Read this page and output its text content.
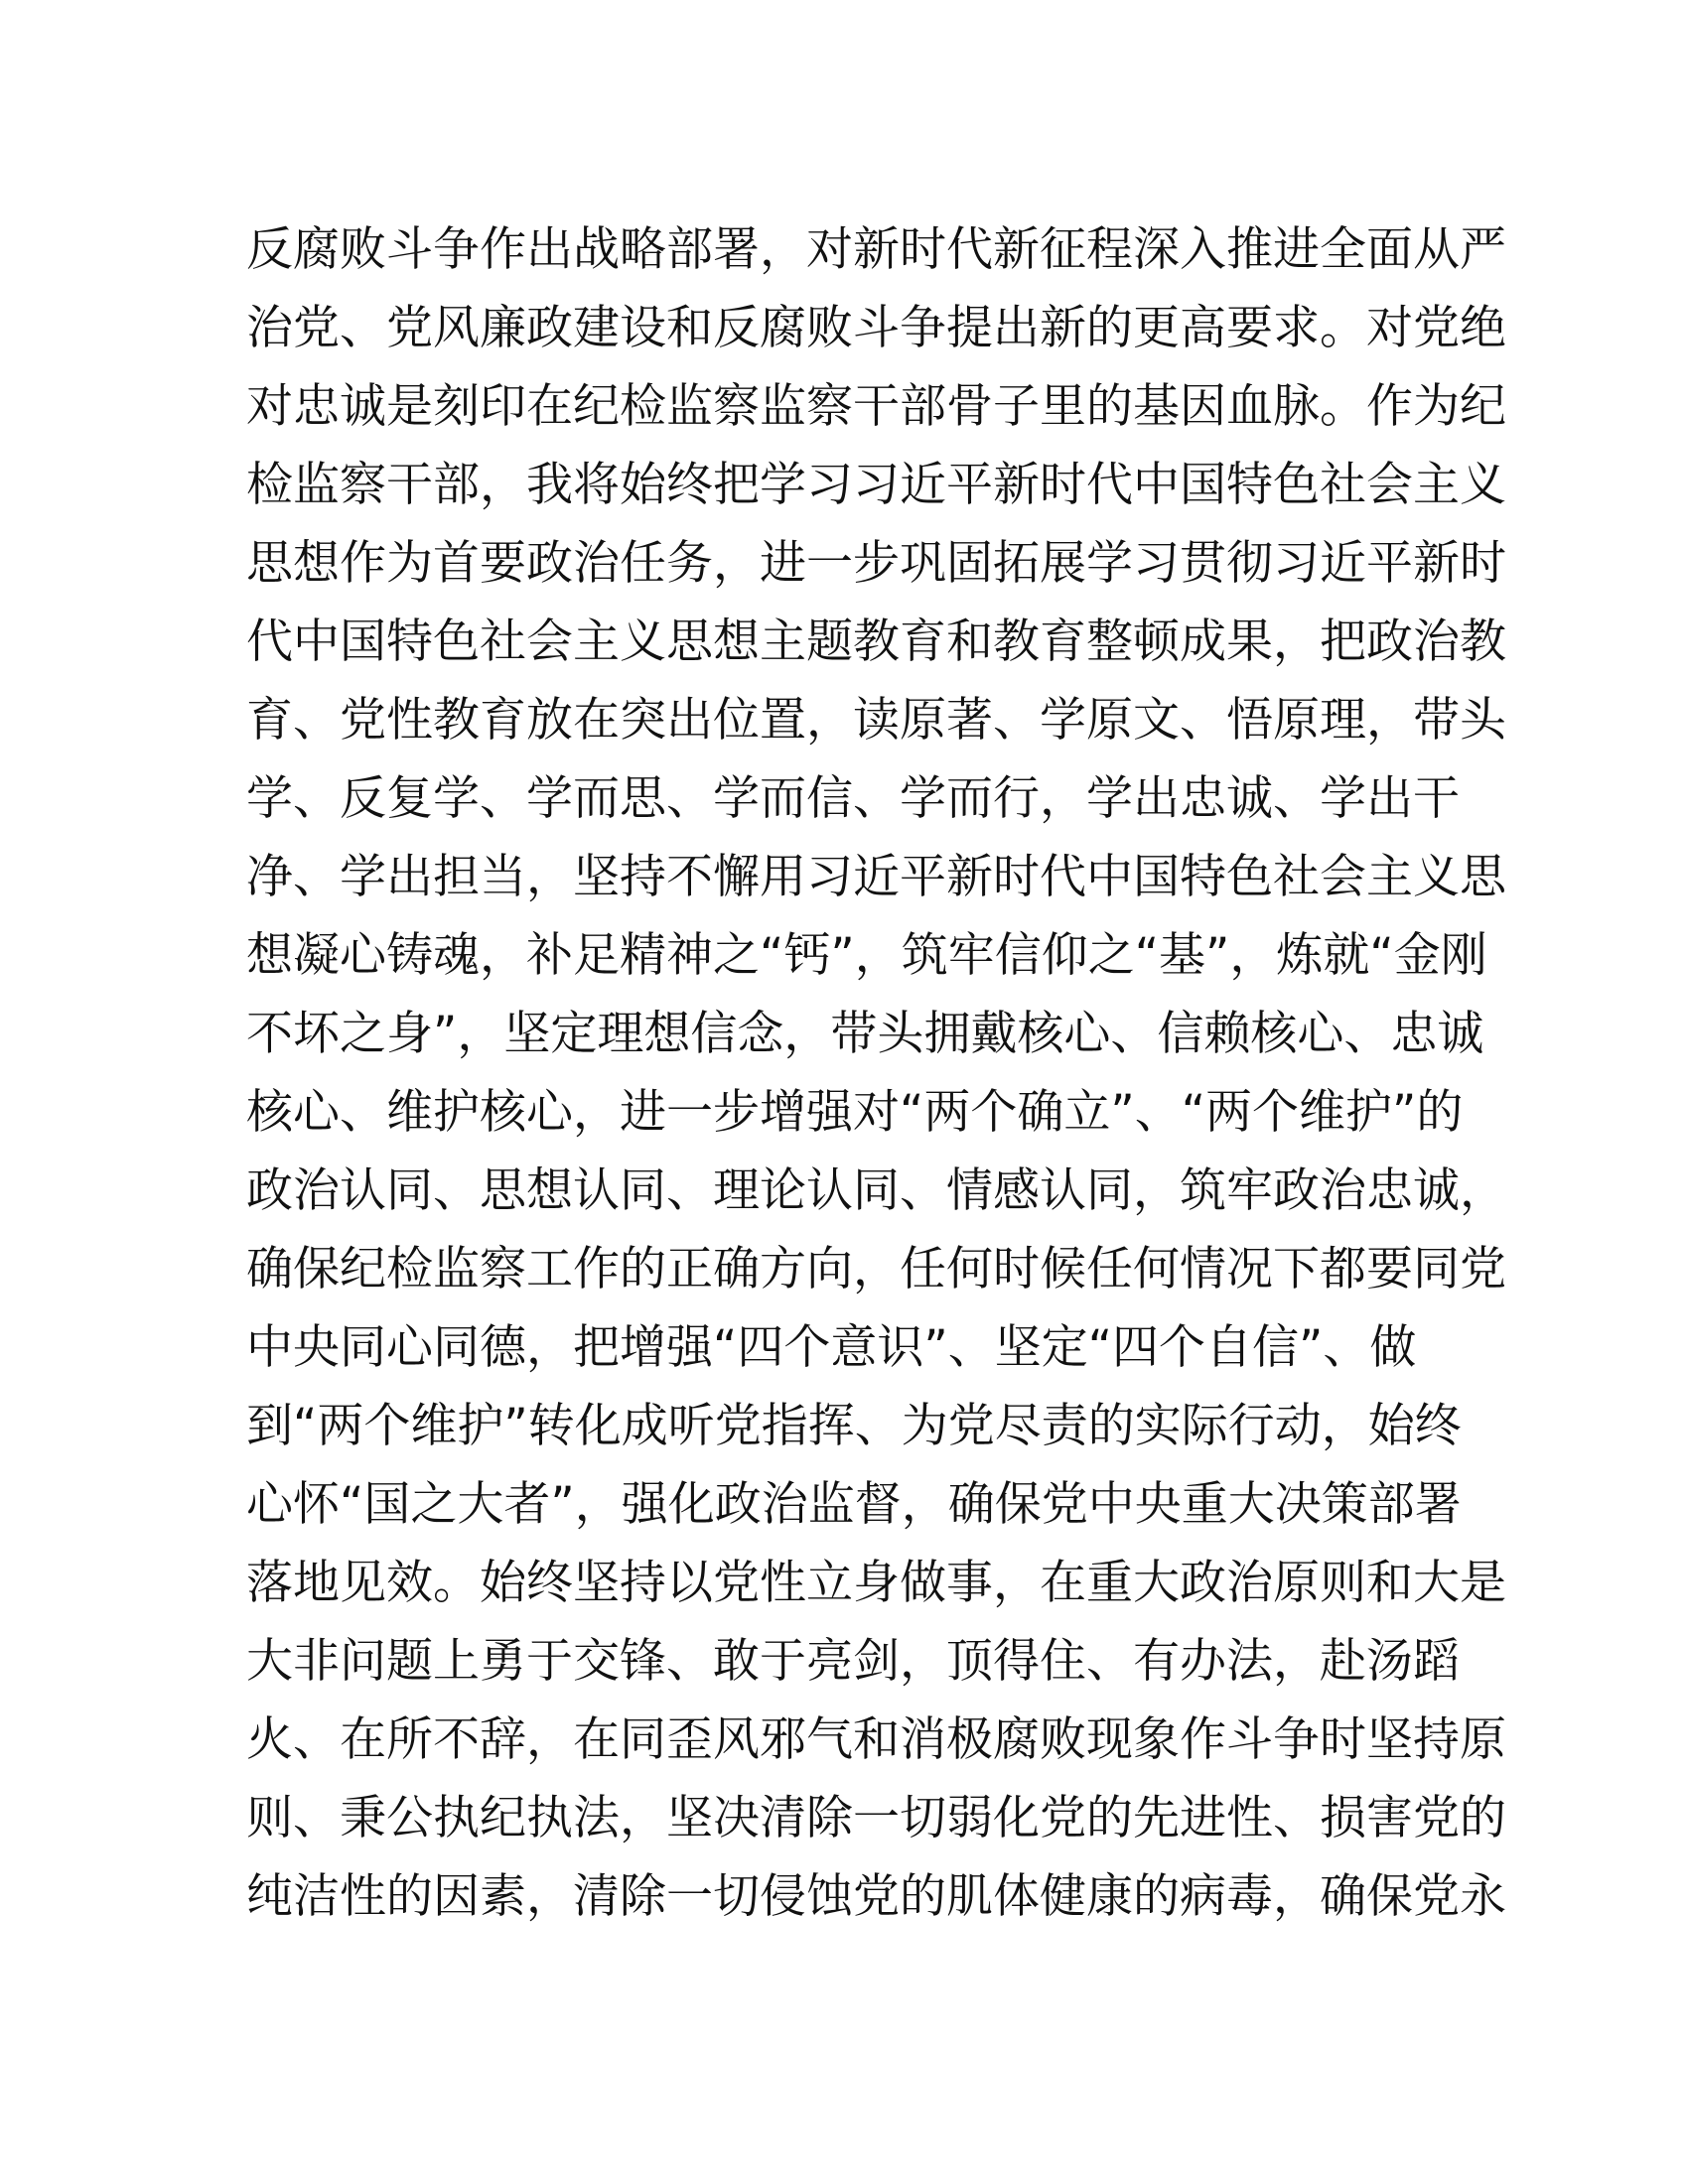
反腐败斗争作出战略部署，对新时代新征程深入推进全面从严
治党、党风廉政建设和反腐败斗争提出新的更高要求。对党绝
对忠诚是刻印在纪检监察监察干部骨子里的基因血脉。作为纪
检监察干部，我将始终把学习习近平新时代中国特色社会主义
思想作为首要政治任务，进一步巩固拓展学习贯彻习近平新时
代中国特色社会主义思想主题教育和教育整顿成果，把政治教
育、党性教育放在突出位置，读原著、学原文、悟原理，带头
学、反复学、学而思、学而信、学而行，学出忠诚、学出干
净、学出担当，坚持不懈用习近平新时代中国特色社会主义思
想凝心铸魂，补足精神之“钙”，筑牢信仰之“基”，炼就“金刚
不坏之身”，坚定理想信念，带头拥戴核心、信赖核心、忠诚
核心、维护核心，进一步增强对“两个确立”、“两个维护”的
政治认同、思想认同、理论认同、情感认同，筑牢政治忠诚，
确保纪检监察工作的正确方向，任何时候任何情况下都要同党
中央同心同德，把增强“四个意识”、坚定“四个自信”、做
到“两个维护”转化成听党指挥、为党尽责的实际行动，始终
心怀“国之大者”，强化政治监督，确保党中央重大决策部署
落地见效。始终坚持以党性立身做事，在重大政治原则和大是
大非问题上勇于交锋、敢于亮剑，顶得住、有办法，赴汤蹈
火、在所不辞，在同歪风邪气和消极腐败现象作斗争时坚持原
则、秉公执纪执法，坚决清除一切弱化党的先进性、损害党的
纯洁性的因素，清除一切侵蚀党的肌体健康的病毒，确保党永
